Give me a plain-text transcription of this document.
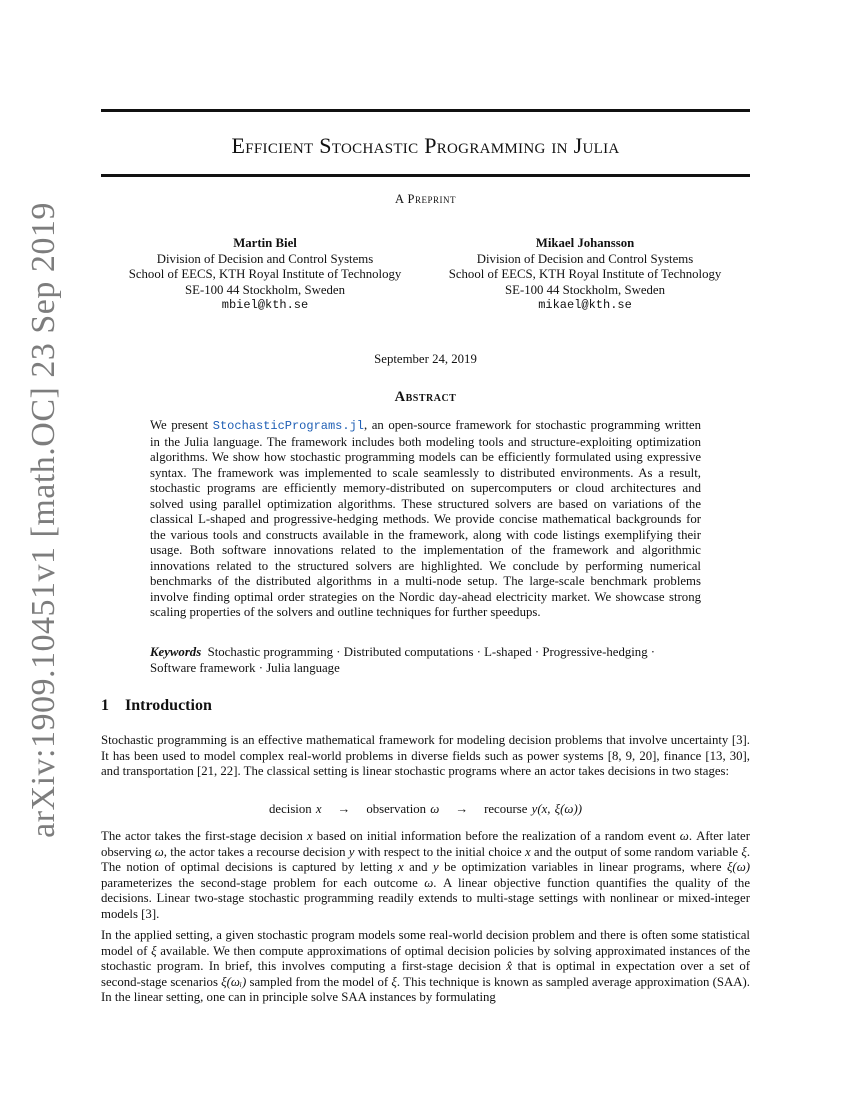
arXiv:1909.10451v1 [math.OC] 23 Sep 2019
Efficient Stochastic Programming in Julia
A Preprint
Martin Biel
Division of Decision and Control Systems
School of EECS, KTH Royal Institute of Technology
SE-100 44 Stockholm, Sweden
mbiel@kth.se
Mikael Johansson
Division of Decision and Control Systems
School of EECS, KTH Royal Institute of Technology
SE-100 44 Stockholm, Sweden
mikael@kth.se
September 24, 2019
Abstract

We present StochasticPrograms.jl, an open-source framework for stochastic programming written in the Julia language. The framework includes both modeling tools and structure-exploiting optimization algorithms. We show how stochastic programming models can be efficiently formulated using expressive syntax. The framework was implemented to scale seamlessly to distributed environments. As a result, stochastic programs are efficiently memory-distributed on supercomputers or cloud architectures and solved using parallel optimization algorithms. These structured solvers are based on variations of the classical L-shaped and progressive-hedging methods. We provide concise mathematical backgrounds for the various tools and constructs available in the framework, along with code listings exemplifying their usage. Both software innovations related to the implementation of the framework and algorithmic innovations related to the structured solvers are highlighted. We conclude by performing numerical benchmarks of the distributed algorithms in a multi-node setup. The large-scale benchmark problems involve finding optimal order strategies on the Nordic day-ahead electricity market. We showcase strong scaling properties of the solvers and outline techniques for further speedups.

Keywords Stochastic programming · Distributed computations · L-shaped · Progressive-hedging · Software framework · Julia language

1 Introduction

Stochastic programming is an effective mathematical framework for modeling decision problems that involve uncertainty [3]. It has been used to model complex real-world problems in diverse fields such as power systems [8, 9, 20], finance [13, 30], and transportation [21, 22]. The classical setting is linear stochastic programs where an actor takes decisions in two stages:

decision x → observation ω → recourse y(x, ξ(ω))

The actor takes the first-stage decision x based on initial information before the realization of a random event ω. After later observing ω, the actor takes a recourse decision y with respect to the initial choice x and the output of some random variable ξ. The notion of optimal decisions is captured by letting x and y be optimization variables in linear programs, where ξ(ω) parameterizes the second-stage problem for each outcome ω. A linear objective function quantifies the quality of the decisions. Linear two-stage stochastic programming readily extends to multi-stage settings with nonlinear or mixed-integer models [3].

In the applied setting, a given stochastic program models some real-world decision problem and there is often some statistical model of ξ available. We then compute approximations of optimal decision policies by solving approximated instances of the stochastic program. In brief, this involves computing a first-stage decision x̂ that is optimal in expectation over a set of second-stage scenarios ξ(ωᵢ) sampled from the model of ξ. This technique is known as sampled average approximation (SAA). In the linear setting, one can in principle solve SAA instances by formulating
